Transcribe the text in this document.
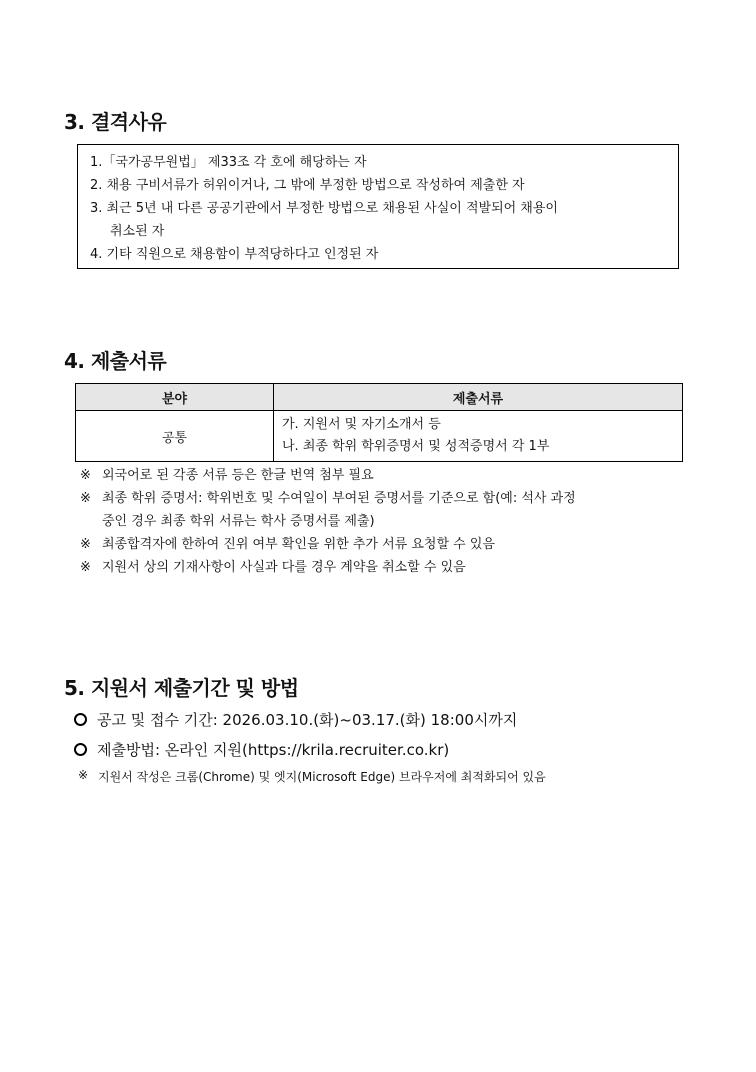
3. 결격사유
1.「국가공무원법」 제33조 각 호에 해당하는 자
2. 채용 구비서류가 허위이거나, 그 밖에 부정한 방법으로 작성하여 제출한 자
3. 최근 5년 내 다른 공공기관에서 부정한 방법으로 채용된 사실이 적발되어 채용이
취소된 자
4. 기타 직원으로 채용함이 부적당하다고 인정된 자
4. 제출서류
분야	제출서류
공통	가. 지원서 및 자기소개서 등
나. 최종 학위 학위증명서 및 성적증명서 각 1부
※ 외국어로 된 각종 서류 등은 한글 번역 첨부 필요
※ 최종 학위 증명서: 학위번호 및 수여일이 부여된 증명서를 기준으로 함(예: 석사 과정
중인 경우 최종 학위 서류는 학사 증명서를 제출)
※ 최종합격자에 한하여 진위 여부 확인을 위한 추가 서류 요청할 수 있음
※ 지원서 상의 기재사항이 사실과 다를 경우 계약을 취소할 수 있음
5. 지원서 제출기간 및 방법
공고 및 접수 기간: 2026.03.10.(화)~03.17.(화) 18:00시까지
제출방법: 온라인 지원(https://krila.recruiter.co.kr)
※ 지원서 작성은 크롬(Chrome) 및 엣지(Microsoft Edge) 브라우저에 최적화되어 있음
